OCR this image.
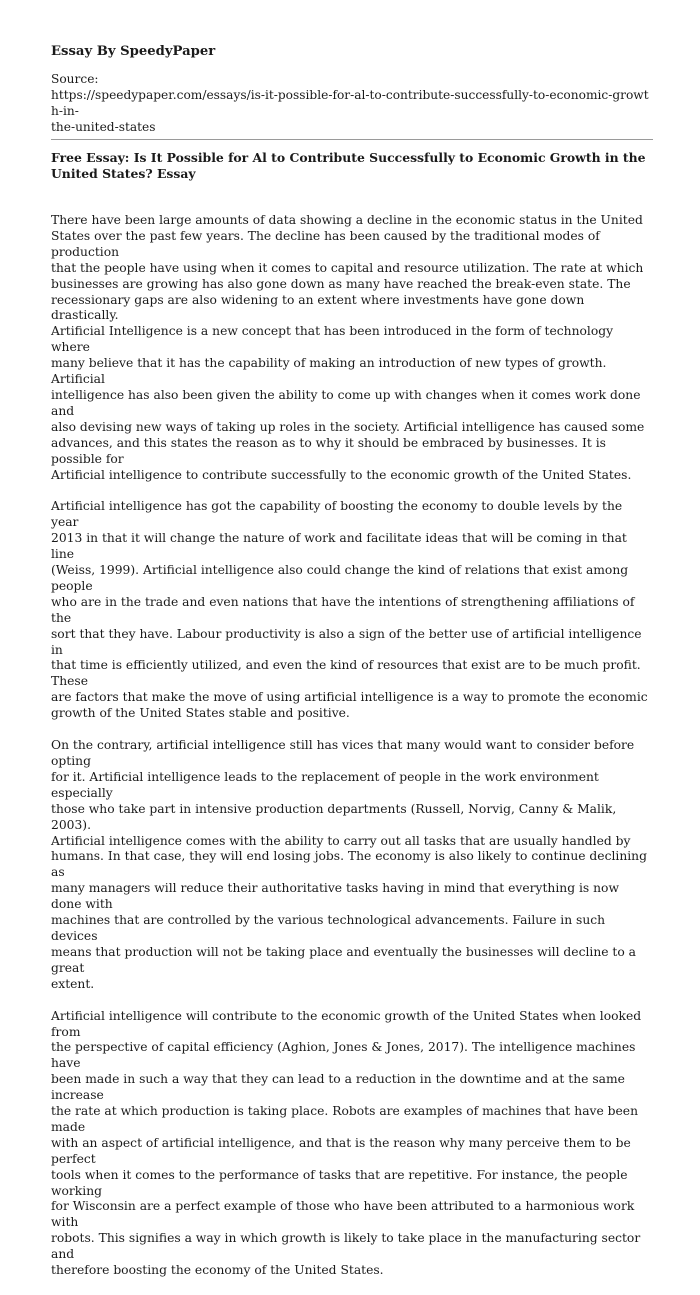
Essay By SpeedyPaper
Source:
https://speedypaper.com/essays/is-it-possible-for-al-to-contribute-successfully-to-economic-growth-in-
the-united-states
Free Essay: Is It Possible for Al to Contribute Successfully to Economic Growth in the
United States? Essay

There have been large amounts of data showing a decline in the economic status in the United
States over the past few years. The decline has been caused by the traditional modes of production
that the people have using when it comes to capital and resource utilization. The rate at which
businesses are growing has also gone down as many have reached the break-even state. The
recessionary gaps are also widening to an extent where investments have gone down drastically.
Artificial Intelligence is a new concept that has been introduced in the form of technology where
many believe that it has the capability of making an introduction of new types of growth. Artificial
intelligence has also been given the ability to come up with changes when it comes work done and
also devising new ways of taking up roles in the society. Artificial intelligence has caused some
advances, and this states the reason as to why it should be embraced by businesses. It is possible for
Artificial intelligence to contribute successfully to the economic growth of the United States.

Artificial intelligence has got the capability of boosting the economy to double levels by the year
2013 in that it will change the nature of work and facilitate ideas that will be coming in that line
(Weiss, 1999). Artificial intelligence also could change the kind of relations that exist among people
who are in the trade and even nations that have the intentions of strengthening affiliations of the
sort that they have. Labour productivity is also a sign of the better use of artificial intelligence in
that time is efficiently utilized, and even the kind of resources that exist are to be much profit. These
are factors that make the move of using artificial intelligence is a way to promote the economic
growth of the United States stable and positive.

On the contrary, artificial intelligence still has vices that many would want to consider before opting
for it. Artificial intelligence leads to the replacement of people in the work environment especially
those who take part in intensive production departments (Russell, Norvig, Canny & Malik, 2003).
Artificial intelligence comes with the ability to carry out all tasks that are usually handled by
humans. In that case, they will end losing jobs. The economy is also likely to continue declining as
many managers will reduce their authoritative tasks having in mind that everything is now done with
machines that are controlled by the various technological advancements. Failure in such devices
means that production will not be taking place and eventually the businesses will decline to a great
extent.

Artificial intelligence will contribute to the economic growth of the United States when looked from
the perspective of capital efficiency (Aghion, Jones & Jones, 2017). The intelligence machines have
been made in such a way that they can lead to a reduction in the downtime and at the same increase
the rate at which production is taking place. Robots are examples of machines that have been made
with an aspect of artificial intelligence, and that is the reason why many perceive them to be perfect
tools when it comes to the performance of tasks that are repetitive. For instance, the people working
for Wisconsin are a perfect example of those who have been attributed to a harmonious work with
robots. This signifies a way in which growth is likely to take place in the manufacturing sector and
therefore boosting the economy of the United States.
